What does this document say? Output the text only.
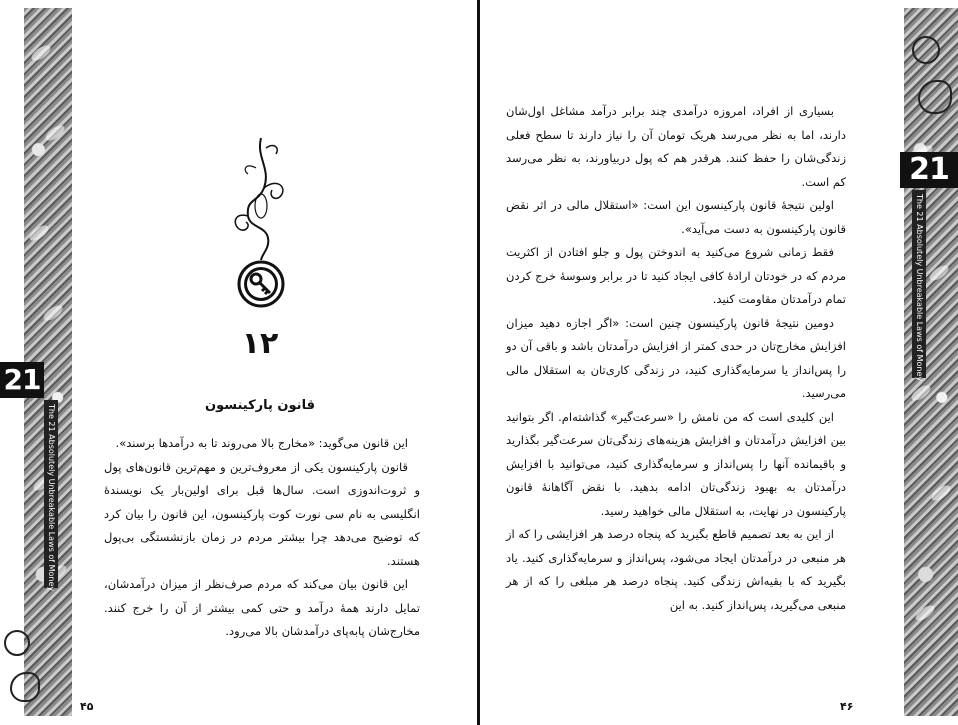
21
The 21 Absolutely Unbreakable Laws of Money
۱۲
قانون پارکینسون

این قانون می‌گوید: «مخارج بالا می‌روند تا به درآمدها برسند».

قانون پارکینسون یکی از معروف‌ترین و مهم‌ترین قانون‌های پول و ثروت‌اندوزی است. سال‌ها قبل برای اولین‌بار یک نویسندهٔ انگلیسی به نام سی نورت کوت پارکینسون، این قانون را بیان کرد که توضیح می‌دهد چرا بیشتر مردم در زمان بازنشستگی بی‌پول هستند.

این قانون بیان می‌کند که مردم صرف‌نظر از میزان درآمدشان، تمایل دارند همهٔ درآمد و حتی کمی بیشتر از آن را خرج کنند. مخارج‌شان پابه‌پای درآمدشان بالا می‌رود.

۴۵

بسیاری از افراد، امروزه درآمدی چند برابر درآمد مشاغل اول‌شان دارند، اما به نظر می‌رسد هریک تومان آن را نیاز دارند تا سطح فعلی زندگی‌شان را حفظ کنند. هرقدر هم که پول دربیاورند، به نظر می‌رسد کم است.

اولین نتیجهٔ قانون پارکینسون این است: «استقلال مالی در اثر نقض قانون پارکینسون به دست می‌آید».

فقط زمانی شروع می‌کنید به اندوختن پول و جلو افتادن از اکثریت مردم که در خودتان ارادهٔ کافی ایجاد کنید تا در برابر وسوسهٔ خرج کردن تمام درآمدتان مقاومت کنید.

دومین نتیجهٔ قانون پارکینسون چنین است: «اگر اجازه دهید میزان افزایش مخارج‌تان در حدی کمتر از افزایش درآمدتان باشد و باقی آن دو را پس‌انداز یا سرمایه‌گذاری کنید، در زندگی کاری‌تان به استقلال مالی می‌رسید.

این کلیدی است که من نامش را «سرعت‌گیر» گذاشته‌ام. اگر بتوانید بین افزایش درآمدتان و افزایش هزینه‌های زندگی‌تان سرعت‌گیر بگذارید و باقیمانده آنها را پس‌انداز و سرمایه‌گذاری کنید، می‌توانید با افزایش درآمدتان به بهبود زندگی‌تان ادامه بدهید. با نقض آگاهانهٔ قانون پارکینسون در نهایت، به استقلال مالی خواهید رسید.

از این به بعد تصمیم قاطع بگیرید که پنجاه درصد هر افزایشی را که از هر منبعی در درآمدتان ایجاد می‌شود، پس‌انداز و سرمایه‌گذاری کنید. یاد بگیرید که با بقیه‌اش زندگی کنید. پنجاه درصد هر مبلغی را که از هر منبعی می‌گیرید، پس‌انداز کنید. به این

21
The 21 Absolutely Unbreakable Laws of Money
۴۶
